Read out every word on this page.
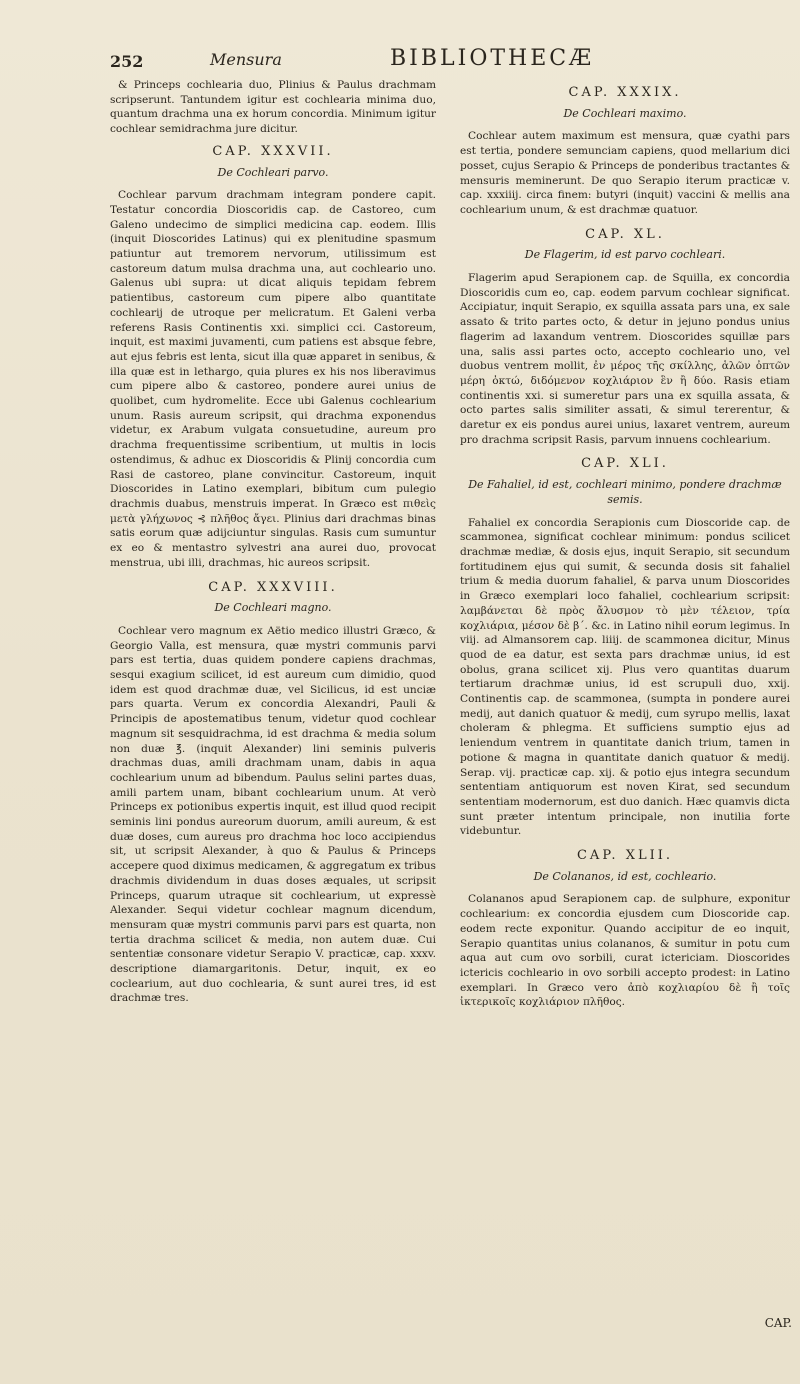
252	Mensura	BIBLIOTHECÆ

& Princeps cochlearia duo, Plinius & Paulus drachmam scripserunt. Tantundem igitur est cochlearia minima duo, quantum drachma una ex horum concordia. Minimum igitur cochlear semidrachma jure dicitur.

CAP. XXXVII.
De Cochleari parvo.

Cochlear parvum drachmam integram pondere capit. Testatur concordia Dioscoridis cap. de Castoreo, cum Galeno undecimo de simplici medicina cap. eodem. Illis (inquit Dioscorides Latinus) qui ex plenitudine spasmum patiuntur aut tremorem nervorum, utilissimum est castoreum datum mulsa drachma una, aut cochleario uno. Galenus ubi supra: ut dicat aliquis tepidam febrem patientibus, castoreum cum pipere albo quantitate cochlearij de utroque per melicratum. Et Galeni verba referens Rasis Continentis xxi. simplici cci. Castoreum, inquit, est maximi juvamenti, cum patiens est absque febre, aut ejus febris est lenta, sicut illa quæ apparet in senibus, & illa quæ est in lethargo, quia plures ex his nos liberavimus cum pipere albo & castoreo, pondere aurei unius de quolibet, cum hydromelite. Ecce ubi Galenus cochlearium unum. Rasis aureum scripsit, qui drachma exponendus videtur, ex Arabum vulgata consuetudine, aureum pro drachma frequentissime scribentium, ut multis in locis ostendimus, & adhuc ex Dioscoridis & Plinij concordia cum Rasi de castoreo, plane convincitur. Castoreum, inquit Dioscorides in Latino exemplari, bibitum cum pulegio drachmis duabus, menstruis imperat. In Græco est πιθεὶς μετὰ γλήχωνος ⊰ πλῆθος ἄγει. Plinius dari drachmas binas satis eorum quæ adijciuntur singulas. Rasis cum sumuntur ex eo & mentastro sylvestri ana aurei duo, provocat menstrua, ubi illi, drachmas, hic aureos scripsit.

CAP. XXXVIII.
De Cochleari magno.

Cochlear vero magnum ex Aëtio medico illustri Græco, & Georgio Valla, est mensura, quæ mystri communis parvi pars est tertia, duas quidem pondere capiens drachmas, sesqui exagium scilicet, id est aureum cum dimidio, quod idem est quod drachmæ duæ, vel Sicilicus, id est unciæ pars quarta. Verum ex concordia Alexandri, Pauli & Principis de apostematibus tenum, videtur quod cochlear magnum sit sesquidrachma, id est drachma & media solum non duæ ℥. (inquit Alexander) lini seminis pulveris drachmas duas, amili drachmam unam, dabis in aqua cochlearium unum ad bibendum. Paulus selini partes duas, amili partem unam, bibant cochlearium unum. At verò Princeps ex potionibus expertis inquit, est illud quod recipit seminis lini pondus aureorum duorum, amili aureum, & est duæ doses, cum aureus pro drachma hoc loco accipiendus sit, ut scripsit Alexander, à quo & Paulus & Princeps accepere quod diximus medicamen, & aggregatum ex tribus drachmis dividendum in duas doses æquales, ut scripsit Princeps, quarum utraque sit cochlearium, ut expressè Alexander. Sequi videtur cochlear magnum dicendum, mensuram quæ mystri communis parvi pars est quarta, non tertia drachma scilicet & media, non autem duæ. Cui sententiæ consonare videtur Serapio V. practicæ, cap. xxxv. descriptione diamargaritonis. Detur, inquit, ex eo coclearium, aut duo cochlearia, & sunt aurei tres, id est drachmæ tres.

CAP. XXXIX.
De Cochleari maximo.

Cochlear autem maximum est mensura, quæ cyathi pars est tertia, pondere semunciam capiens, quod mellarium dici posset, cujus Serapio & Princeps de ponderibus tractantes & mensuris meminerunt. De quo Serapio iterum practicæ v. cap. xxxiiij. circa finem: butyri (inquit) vaccini & mellis ana cochlearium unum, & est drachmæ quatuor.

CAP. XL.
De Flagerim, id est parvo cochleari.

Flagerim apud Serapionem cap. de Squilla, ex concordia Dioscoridis cum eo, cap. eodem parvum cochlear significat. Accipiatur, inquit Serapio, ex squilla assata pars una, ex sale assato & trito partes octo, & detur in jejuno pondus unius flagerim ad laxandum ventrem. Dioscorides squillæ pars una, salis assi partes octo, accepto cochleario uno, vel duobus ventrem mollit, ἐν μέρος τῆς σκίλλης, ἁλῶν ὀπτῶν μέρη ὀκτώ, διδόμενον κοχλιάριον ἓν ἢ δύο. Rasis etiam continentis xxi. si sumeretur pars una ex squilla assata, & octo partes salis similiter assati, & simul tererentur, & daretur ex eis pondus aurei unius, laxaret ventrem, aureum pro drachma scripsit Rasis, parvum innuens cochlearium.

CAP. XLI.
De Fahaliel, id est, cochleari minimo, pondere drachmæ semis.

Fahaliel ex concordia Serapionis cum Dioscoride cap. de scammonea, significat cochlear minimum: pondus scilicet drachmæ mediæ, & dosis ejus, inquit Serapio, sit secundum fortitudinem ejus qui sumit, & secunda dosis sit fahaliel trium & media duorum fahaliel, & parva unum Dioscorides in Græco exemplari loco fahaliel, cochlearium scripsit: λαμβάνεται δὲ πρὸς ἄλυσμον τὸ μὲν τέλειον, τρία κοχλιάρια, μέσον δὲ β΄. &c. in Latino nihil eorum legimus. In viij. ad Almansorem cap. liiij. de scammonea dicitur, Minus quod de ea datur, est sexta pars drachmæ unius, id est obolus, grana scilicet xij. Plus vero quantitas duarum tertiarum drachmæ unius, id est scrupuli duo, xxij. Continentis cap. de scammonea, (sumpta in pondere aurei medij, aut danich quatuor & medij, cum syrupo mellis, laxat choleram & phlegma. Et sufficiens sumptio ejus ad leniendum ventrem in quantitate danich trium, tamen in potione & magna in quantitate danich quatuor & medij. Serap. vij. practicæ cap. xij. & potio ejus integra secundum sententiam antiquorum est noven Kirat, sed secundum sententiam modernorum, est duo danich. Hæc quamvis dicta sunt præter intentum principale, non inutilia forte videbuntur.

CAP. XLII.
De Colananos, id est, cochleario.

Colananos apud Serapionem cap. de sulphure, exponitur cochlearium: ex concordia ejusdem cum Dioscoride cap. eodem recte exponitur. Quando accipitur de eo inquit, Serapio quantitas unius colananos, & sumitur in potu cum aqua aut cum ovo sorbili, curat ictericiam. Dioscorides ictericis cochleario in ovo sorbili accepto prodest: in Latino exemplari. In Græco vero ἀπὸ κοχλιαρίου δὲ ἢ τοῖς ἰκτερικοῖς κοχλιάριον πλῆθος.

CAP.
